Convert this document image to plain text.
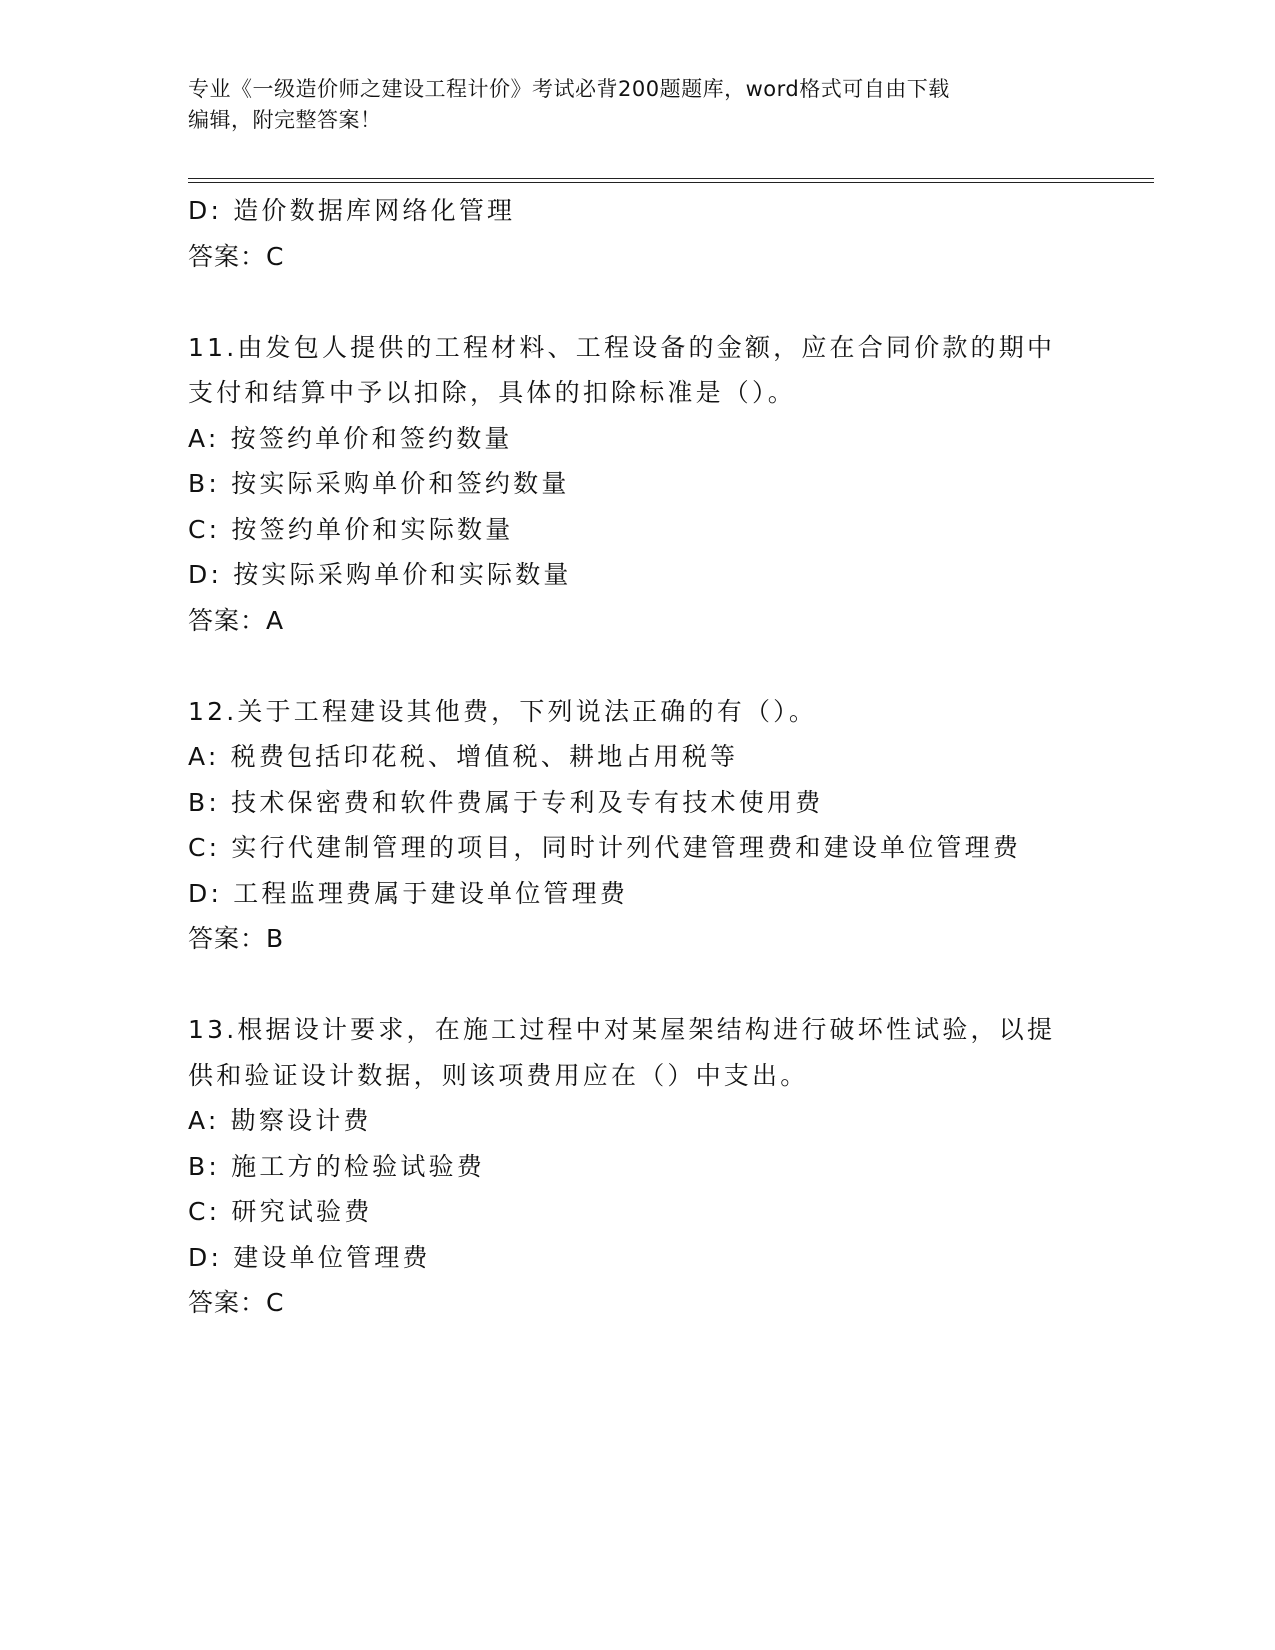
专业《一级造价师之建设工程计价》考试必背200题题库，word格式可自由下载
编辑，附完整答案！
D: 造价数据库网络化管理
答案：C
11.由发包人提供的工程材料、工程设备的金额，应在合同价款的期中
支付和结算中予以扣除，具体的扣除标准是（）。
A: 按签约单价和签约数量
B: 按实际采购单价和签约数量
C: 按签约单价和实际数量
D: 按实际采购单价和实际数量
答案：A
12.关于工程建设其他费，下列说法正确的有（）。
A: 税费包括印花税、增值税、耕地占用税等
B: 技术保密费和软件费属于专利及专有技术使用费
C: 实行代建制管理的项目，同时计列代建管理费和建设单位管理费
D: 工程监理费属于建设单位管理费
答案：B
13.根据设计要求，在施工过程中对某屋架结构进行破坏性试验，以提
供和验证设计数据，则该项费用应在（）中支出。
A: 勘察设计费
B: 施工方的检验试验费
C: 研究试验费
D: 建设单位管理费
答案：C
